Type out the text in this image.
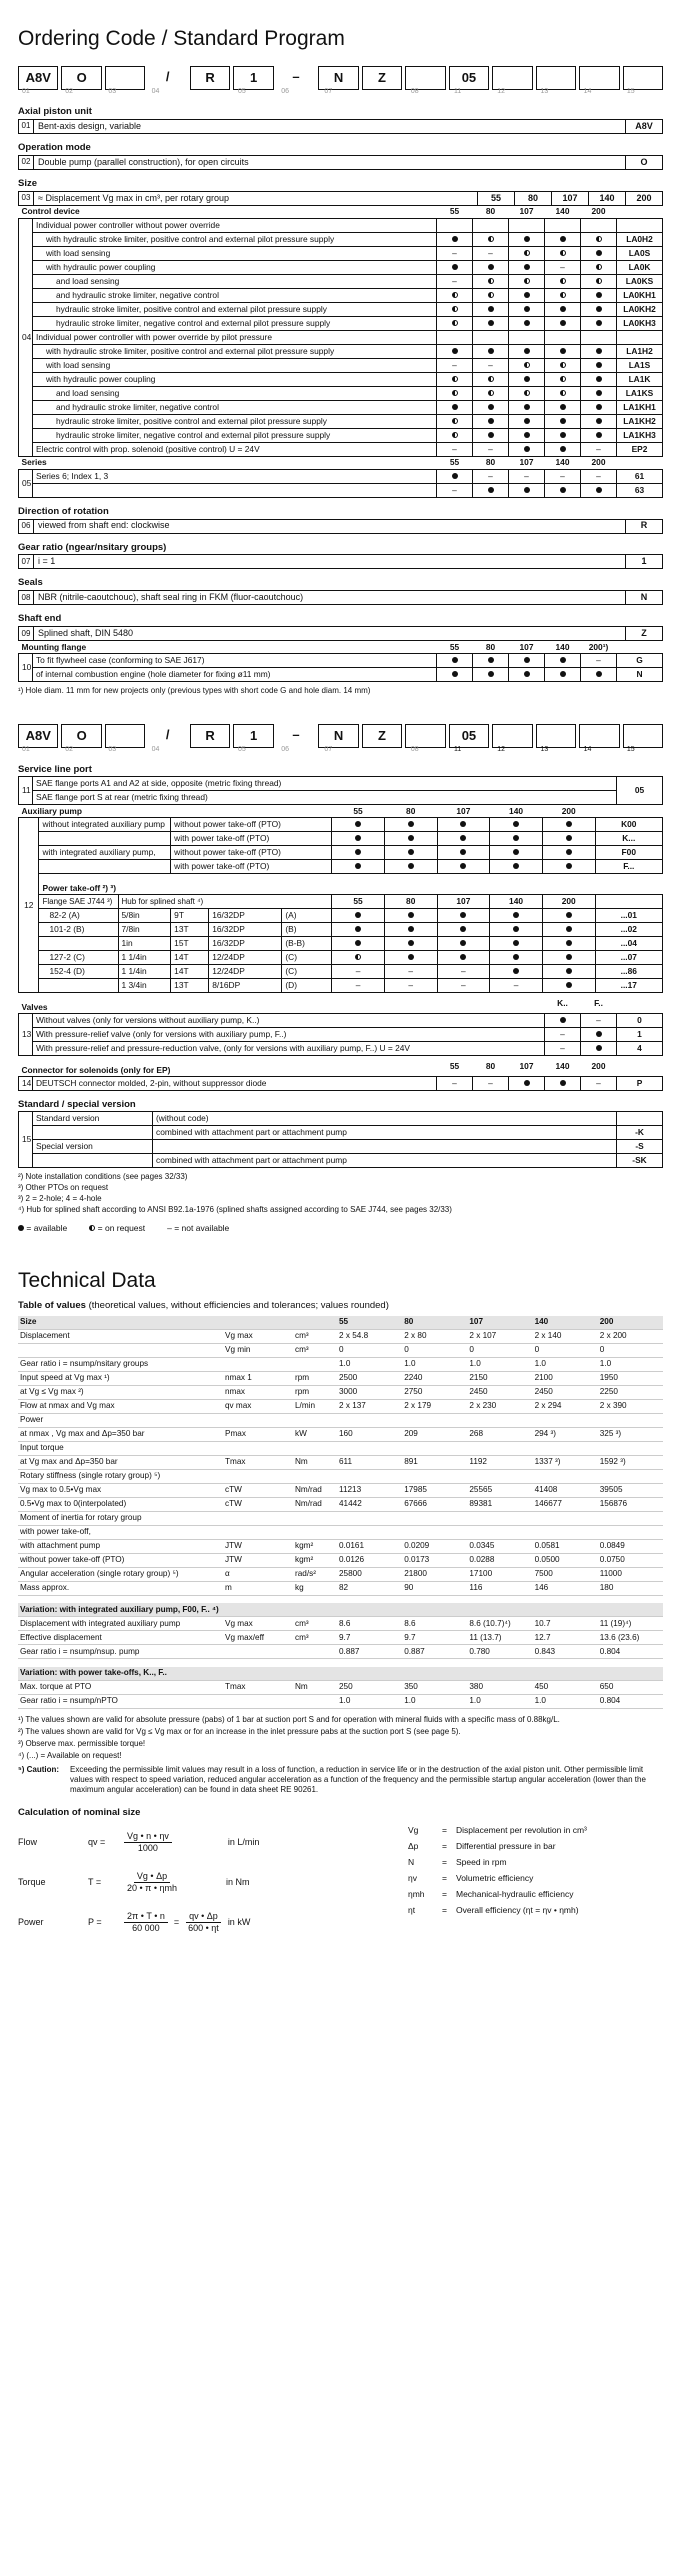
Ordering Code / Standard Program
A8V	O	/	R	1	–	N	Z	05
01	02	03	04	05	06	07	08	11	12	13	14	15
Axial piston unit
01 Bent-axis design, variable	A8V
Operation mode
02 Double pump (parallel construction), for open circuits	O
Size
03 ≈ Displacement Vg max in cm³, per rotary group	55	80	107	140	200
Control device		55	80	107	140	200	
04	Individual power controller without power override						
	with hydraulic stroke limiter, positive control and external pilot pressure supply						LA0H2
	with load sensing	–	–				LA0S
	with hydraulic power coupling				–		LA0K
	and load sensing	–					LA0KS
	and hydraulic stroke limiter, negative control						LA0KH1
	hydraulic stroke limiter, positive control and external pilot pressure supply						LA0KH2
	hydraulic stroke limiter, negative control and external pilot pressure supply						LA0KH3
	Individual power controller with power override by pilot pressure						
	with hydraulic stroke limiter, positive control and external pilot pressure supply						LA1H2
	with load sensing	–	–				LA1S
	with hydraulic power coupling						LA1K
	and load sensing						LA1KS
	and hydraulic stroke limiter, negative control						LA1KH1
	hydraulic stroke limiter, positive control and external pilot pressure supply						LA1KH2
	hydraulic stroke limiter, negative control and external pilot pressure supply						LA1KH3
	Electric control with prop. solenoid (positive control) U = 24V	–	–			–	EP2
Series		55	80	107	140	200	
05	Series 6; Index 1, 3		–	–	–	–	61
		–					63
Direction of rotation
06 viewed from shaft end: clockwise	R
Gear ratio (ngear/nsitary groups)
07 i = 1	1
Seals
08 NBR (nitrile-caoutchouc), shaft seal ring in FKM (fluor-caoutchouc)	N
Shaft end
09 Splined shaft, DIN 5480	Z
Mounting flange		55	80	107	140	200¹)	
10	To fit flywheel case (conforming to SAE J617)					–	G
	of internal combustion engine (hole diameter for fixing ø11 mm)						N
¹) Hole diam. 11 mm for new projects only (previous types with short code G and hole diam. 14 mm)
A8V	O	/	R	1	–	N	Z	05
01	02	03	04	05	06	07	08	11	12	13	14	15
Service line port
11	SAE flange ports A1 and A2 at side, opposite (metric fixing thread)	05
SAE flange port S at rear (metric fixing thread)
Auxiliary pump						55	80	107	140	200	
12	without integrated auxiliary pump		without power take-off (PTO)								K00
			with power take-off (PTO)								K...
	with integrated auxiliary pump,		without power take-off (PTO)								F00
			with power take-off (PTO)								F...
	Power take-off ²) ³)										
	Flange SAE J744 ³)	Hub for splined shaft ⁴)				55	80	107	140	200	
	82-2 (A)	5/8in	9T	16/32DP	(A)						...01
	101-2 (B)	7/8in	13T	16/32DP	(B)						...02
		1in	15T	16/32DP	(B-B)						...04
	127-2 (C)	1 1/4in	14T	12/24DP	(C)						...07
	152-4 (D)	1 1/4in	14T	12/24DP	(C)	–	–	–			...86
		1 3/4in	13T	8/16DP	(D)	–	–	–	–		...17
Valves		K..	F..	
13	Without valves (only for versions without auxiliary pump, K..)		–	0
	With pressure-relief valve (only for versions with auxiliary pump, F..)	–		1
	With pressure-relief and pressure-reduction valve, (only for versions with auxiliary pump, F..) U = 24V	–		4
Connector for solenoids (only for EP)		55	80	107	140	200	
14	DEUTSCH connector molded, 2-pin, without suppressor diode	–	–			–	P
Standard / special version
15	Standard version	(without code)	
		combined with attachment part or attachment pump	-K
	Special version		-S
		combined with attachment part or attachment pump	-SK
²) Note installation conditions (see pages 32/33)
³) Other PTOs on request
³) 2 = 2-hole; 4 = 4-hole
⁴) Hub for splined shaft according to ANSI B92.1a-1976 (splined shafts assigned according to SAE J744, see pages 32/33)
= available	= on request	– = not available
Technical Data
Table of values (theoretical values, without efficiencies and tolerances; values rounded)
Size			55	80	107	140	200
Displacement	Vg max	cm³	2 x 54.8	2 x 80	2 x 107	2 x 140	2 x 200
	Vg min	cm³	0	0	0	0	0
Gear ratio i = nsump/nsitary groups			1.0	1.0	1.0	1.0	1.0
Input speed at Vg max ¹)	nmax 1	rpm	2500	2240	2150	2100	1950
at Vg ≤ Vg max ²)	nmax	rpm	3000	2750	2450	2450	2250
Flow at nmax and Vg max	qv max	L/min	2 x 137	2 x 179	2 x 230	2 x 294	2 x 390
Power							
at nmax , Vg max and Δp=350 bar	Pmax	kW	160	209	268	294 ³)	325 ³)
Input torque							
at Vg max and Δp=350 bar	Tmax	Nm	611	891	1192	1337 ³)	1592 ³)
Rotary stiffness (single rotary group) ⁵)							
Vg max to 0.5•Vg max	cTW	Nm/rad	11213	17985	25565	41408	39505
0.5•Vg max to 0(interpolated)	cTW	Nm/rad	41442	67666	89381	146677	156876
Moment of inertia for rotary group							
with power take-off,							
with attachment pump	JTW	kgm²	0.0161	0.0209	0.0345	0.0581	0.0849
without power take-off (PTO)	JTW	kgm²	0.0126	0.0173	0.0288	0.0500	0.0750
Angular acceleration (single rotary group) ⁵)	α	rad/s²	25800	21800	17100	7500	11000
Mass approx.	m	kg	82	90	116	146	180

Variation: with integrated auxiliary pump, F00, F.. ⁴)							
Displacement with integrated auxiliary pump	Vg max	cm³	8.6	8.6	8.6 (10.7)⁴)	10.7	11 (19)⁴)
Effective displacement	Vg max/eff	cm³	9.7	9.7	11 (13.7)	12.7	13.6 (23.6)
Gear ratio i = nsump/nsup. pump			0.887	0.887	0.780	0.843	0.804

Variation: with power take-offs, K.., F..							
Max. torque at PTO	Tmax	Nm	250	350	380	450	650
Gear ratio i = nsump/nPTO			1.0	1.0	1.0	1.0	0.804
¹) The values shown are valid for absolute pressure (pabs) of 1 bar at suction port S and for operation with mineral fluids with a specific mass of 0.88kg/L.
²) The values shown are valid for Vg ≤ Vg max or for an increase in the inlet pressure pabs at the suction port S (see page 5).
³) Observe max. permissible torque!
⁴) (...) = Available on request!
⁵) Caution:	Exceeding the permissible limit values may result in a loss of function, a reduction in service life or in the destruction of the axial piston unit. Other permissible limit values with respect to speed variation, reduced angular acceleration as a function of the frequency and the permissible startup angular acceleration (lower than the maximum angular acceleration) can be found in data sheet RE 90261.
Calculation of nominal size
Flow	qv =	$\frac{Vg • n • \eta v}{1000}$	in L/min
Torque	T =	$\frac{Vg • \Delta p}{\text{20 • π • ηmh}}$	in Nm
Power	P =	$\frac{2\pi • T • n}{60 000} = \frac{qv • \Delta p}{600 • \eta t}$ in kW
Vg	=	Displacement per revolution in cm³
Δp	=	Differential pressure in bar
N	=	Speed in rpm
ηv	=	Volumetric efficiency
ηmh	=	Mechanical-hydraulic efficiency
ηt	=	Overall efficiency (ηt = ηv • ηmh)
